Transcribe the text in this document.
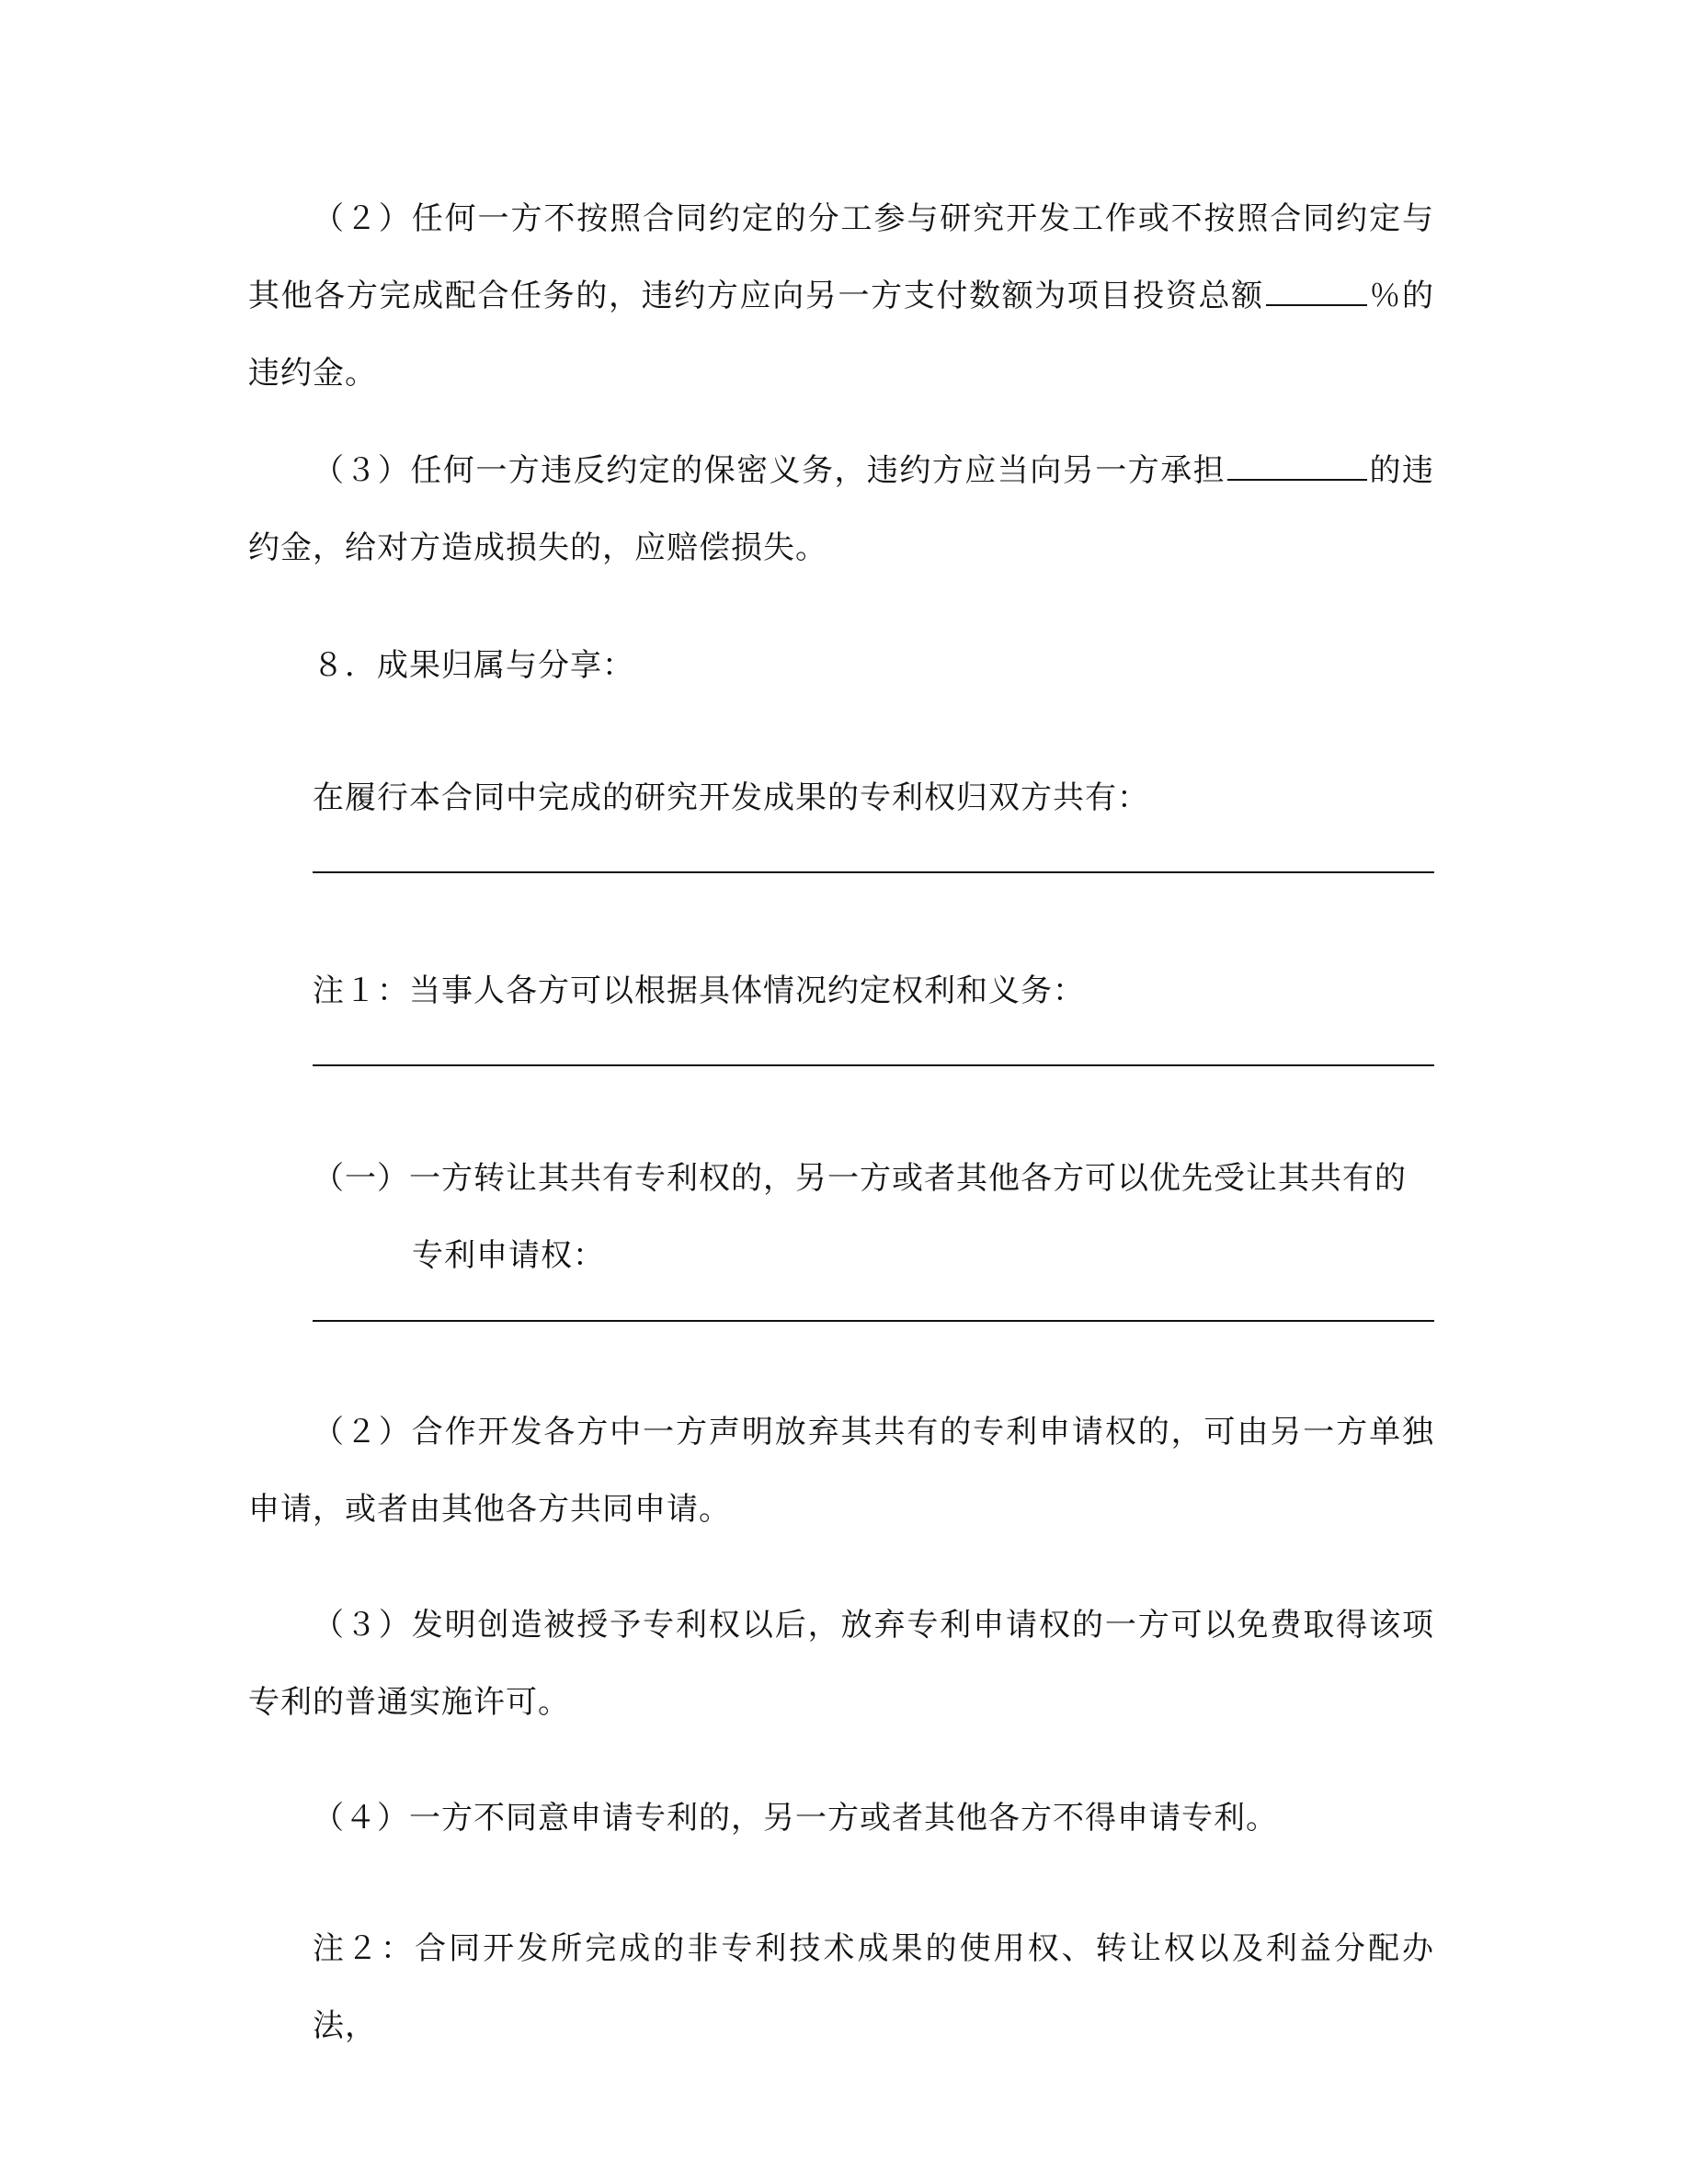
（２）任何一方不按照合同约定的分工参与研究开发工作或不按照合同约定与其他各方完成配合任务的，违约方应向另一方支付数额为项目投资总额	％的违约金。

（３）任何一方违反约定的保密义务，违约方应当向另一方承担	的违约金，给对方造成损失的，应赔偿损失。

８．成果归属与分享：

在履行本合同中完成的研究开发成果的专利权归双方共有：

注１：当事人各方可以根据具体情况约定权利和义务：

（一）一方转让其共有专利权的，另一方或者其他各方可以优先受让其共有的
专利申请权：

（２）合作开发各方中一方声明放弃其共有的专利申请权的，可由另一方单独申请，或者由其他各方共同申请。

（３）发明创造被授予专利权以后，放弃专利申请权的一方可以免费取得该项专利的普通实施许可。

（４）一方不同意申请专利的，另一方或者其他各方不得申请专利。

注２：合同开发所完成的非专利技术成果的使用权、转让权以及利益分配办法，
